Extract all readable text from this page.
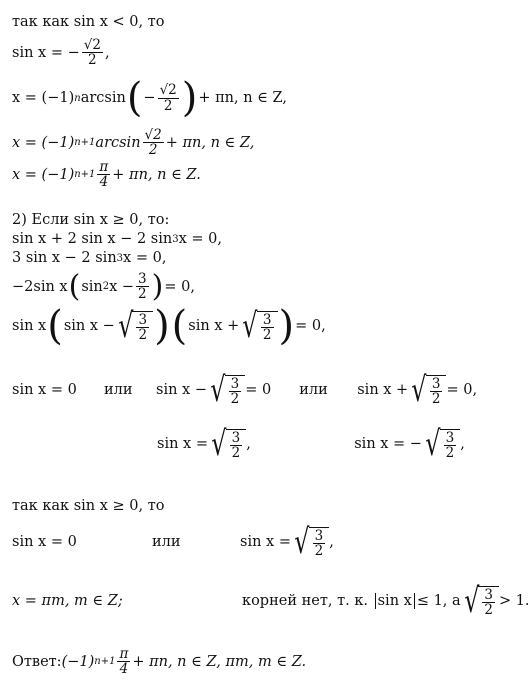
так как sin x < 0, то
sin x = − $\frac{√2}{2}$ ,
x = (−1) n arcsin ( − $\frac{√2}{2}$ ) + πn, n ∈ Z,
x = (−1) n+1 $\arcsin \frac{√2}{2} + \pi n$, n ∈ Z,
x = (−1) $n+1 \frac{\pi}{4} + \pi n$, n ∈ Z.
2) Если sin x ≥ 0, то:
sin x + 2 sin x − 2 sin 3 x = 0,
3 sin x − 2 sin 3 x = 0,
−2sin x ( sin 2 $x - \frac{3}{2}$ ) = 0,
sin x ( sin x − √ $\frac{3}{2}$ ) ( sin x + √ $\frac{3}{2}$ ) = 0,
sin x = 0	или	sin x − √ $\frac{3}{2} = 0$	или	sin x + √ $\frac{3}{2} = 0$,
sin x = √ $\frac{3}{2}$ ,	sin x = − √ $\frac{3}{2}$ ,
так как sin x ≥ 0, то
sin x = 0	или	sin x = √ $\frac{3}{2}$ ,
x = πm, m ∈ Z;	корней нет, т. к.
sin x ≤ 1, а √ $\frac{3}{2} > 1$.
Ответ: (−1) $n+1 \frac{\pi}{4} + \pi n$, n ∈ Z, πm, m ∈ Z.
